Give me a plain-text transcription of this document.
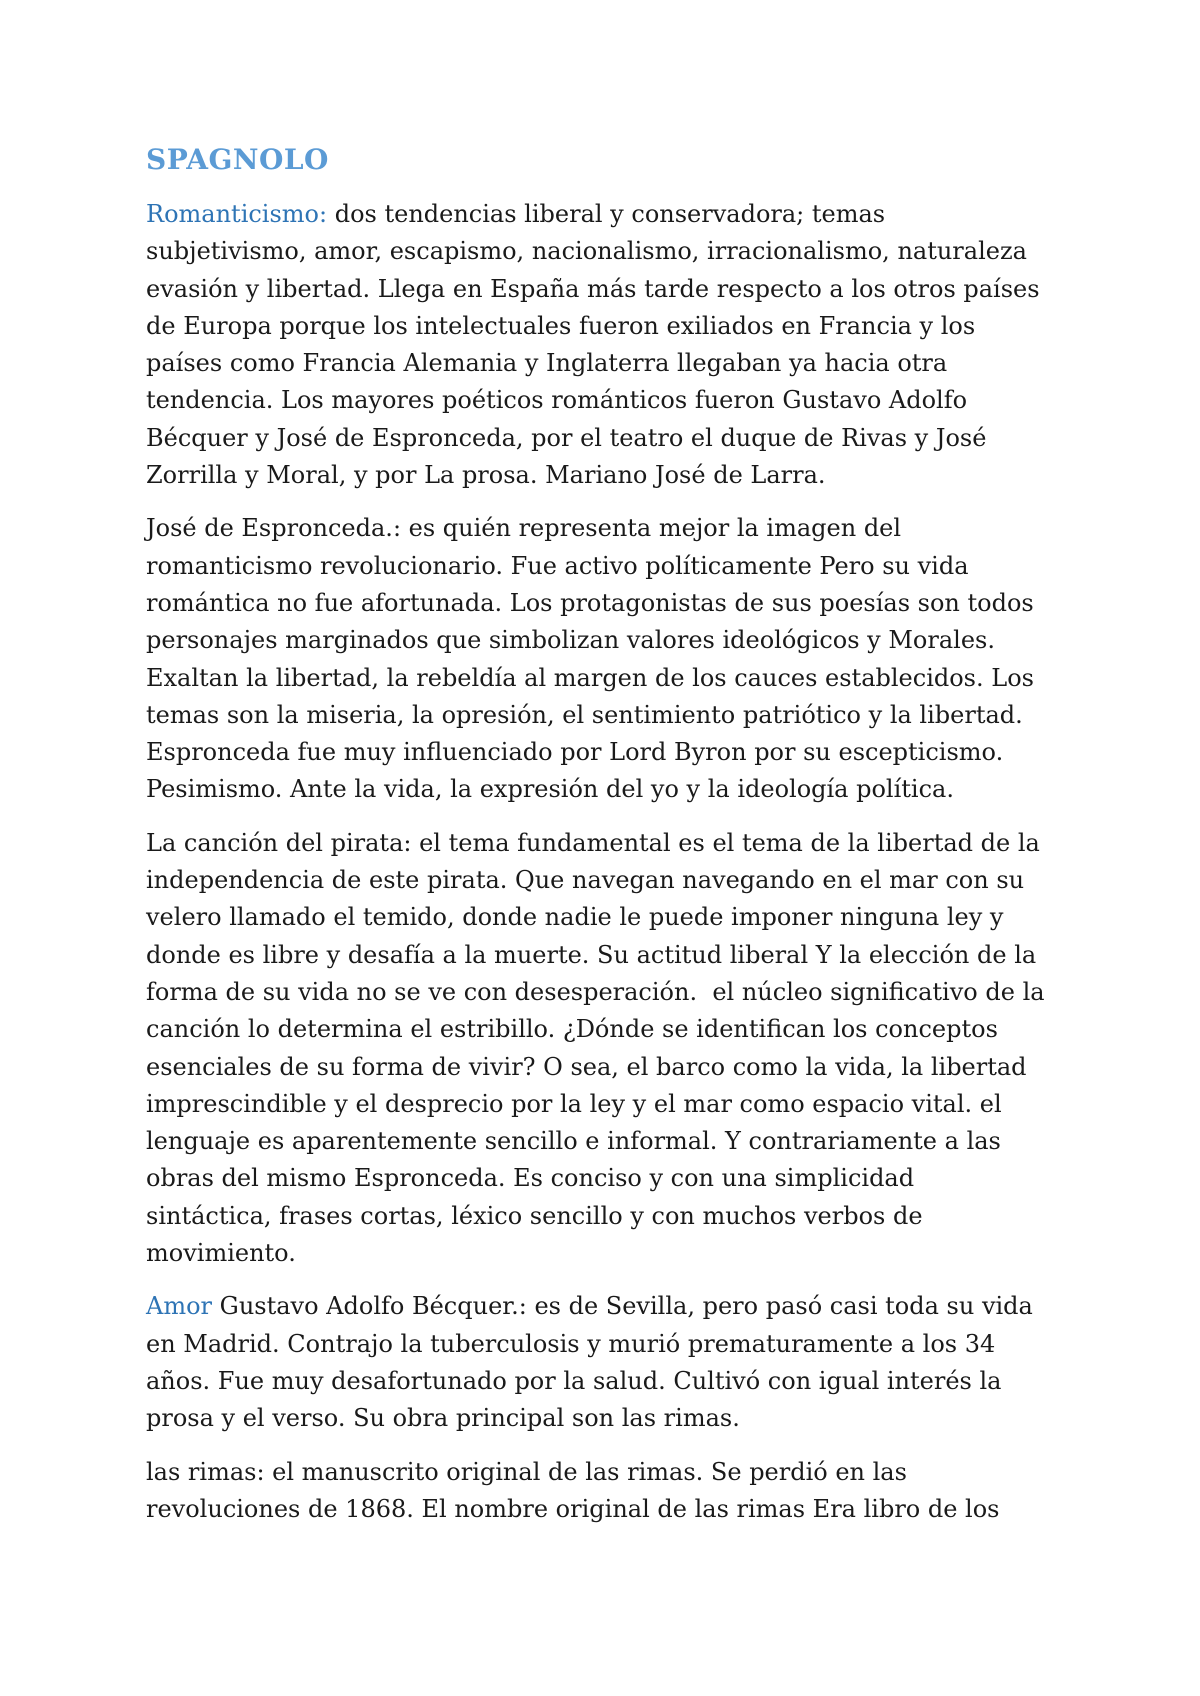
SPAGNOLO
Romanticismo: dos tendencias liberal y conservadora; temas
subjetivismo, amor, escapismo, nacionalismo, irracionalismo, naturaleza
evasión y libertad. Llega en España más tarde respecto a los otros países
de Europa porque los intelectuales fueron exiliados en Francia y los
países como Francia Alemania y Inglaterra llegaban ya hacia otra
tendencia. Los mayores poéticos románticos fueron Gustavo Adolfo
Bécquer y José de Espronceda, por el teatro el duque de Rivas y José
Zorrilla y Moral, y por La prosa. Mariano José de Larra.
José de Espronceda.: es quién representa mejor la imagen del
romanticismo revolucionario. Fue activo políticamente Pero su vida
romántica no fue afortunada. Los protagonistas de sus poesías son todos
personajes marginados que simbolizan valores ideológicos y Morales.
Exaltan la libertad, la rebeldía al margen de los cauces establecidos. Los
temas son la miseria, la opresión, el sentimiento patriótico y la libertad.
Espronceda fue muy influenciado por Lord Byron por su escepticismo.
Pesimismo. Ante la vida, la expresión del yo y la ideología política.
La canción del pirata: el tema fundamental es el tema de la libertad de la
independencia de este pirata. Que navegan navegando en el mar con su
velero llamado el temido, donde nadie le puede imponer ninguna ley y
donde es libre y desafía a la muerte. Su actitud liberal Y la elección de la
forma de su vida no se ve con desesperación.  el núcleo significativo de la
canción lo determina el estribillo. ¿Dónde se identifican los conceptos
esenciales de su forma de vivir? O sea, el barco como la vida, la libertad
imprescindible y el desprecio por la ley y el mar como espacio vital. el
lenguaje es aparentemente sencillo e informal. Y contrariamente a las
obras del mismo Espronceda. Es conciso y con una simplicidad
sintáctica, frases cortas, léxico sencillo y con muchos verbos de
movimiento.
Amor Gustavo Adolfo Bécquer.: es de Sevilla, pero pasó casi toda su vida
en Madrid. Contrajo la tuberculosis y murió prematuramente a los 34
años. Fue muy desafortunado por la salud. Cultivó con igual interés la
prosa y el verso. Su obra principal son las rimas.
las rimas: el manuscrito original de las rimas. Se perdió en las
revoluciones de 1868. El nombre original de las rimas Era libro de los
